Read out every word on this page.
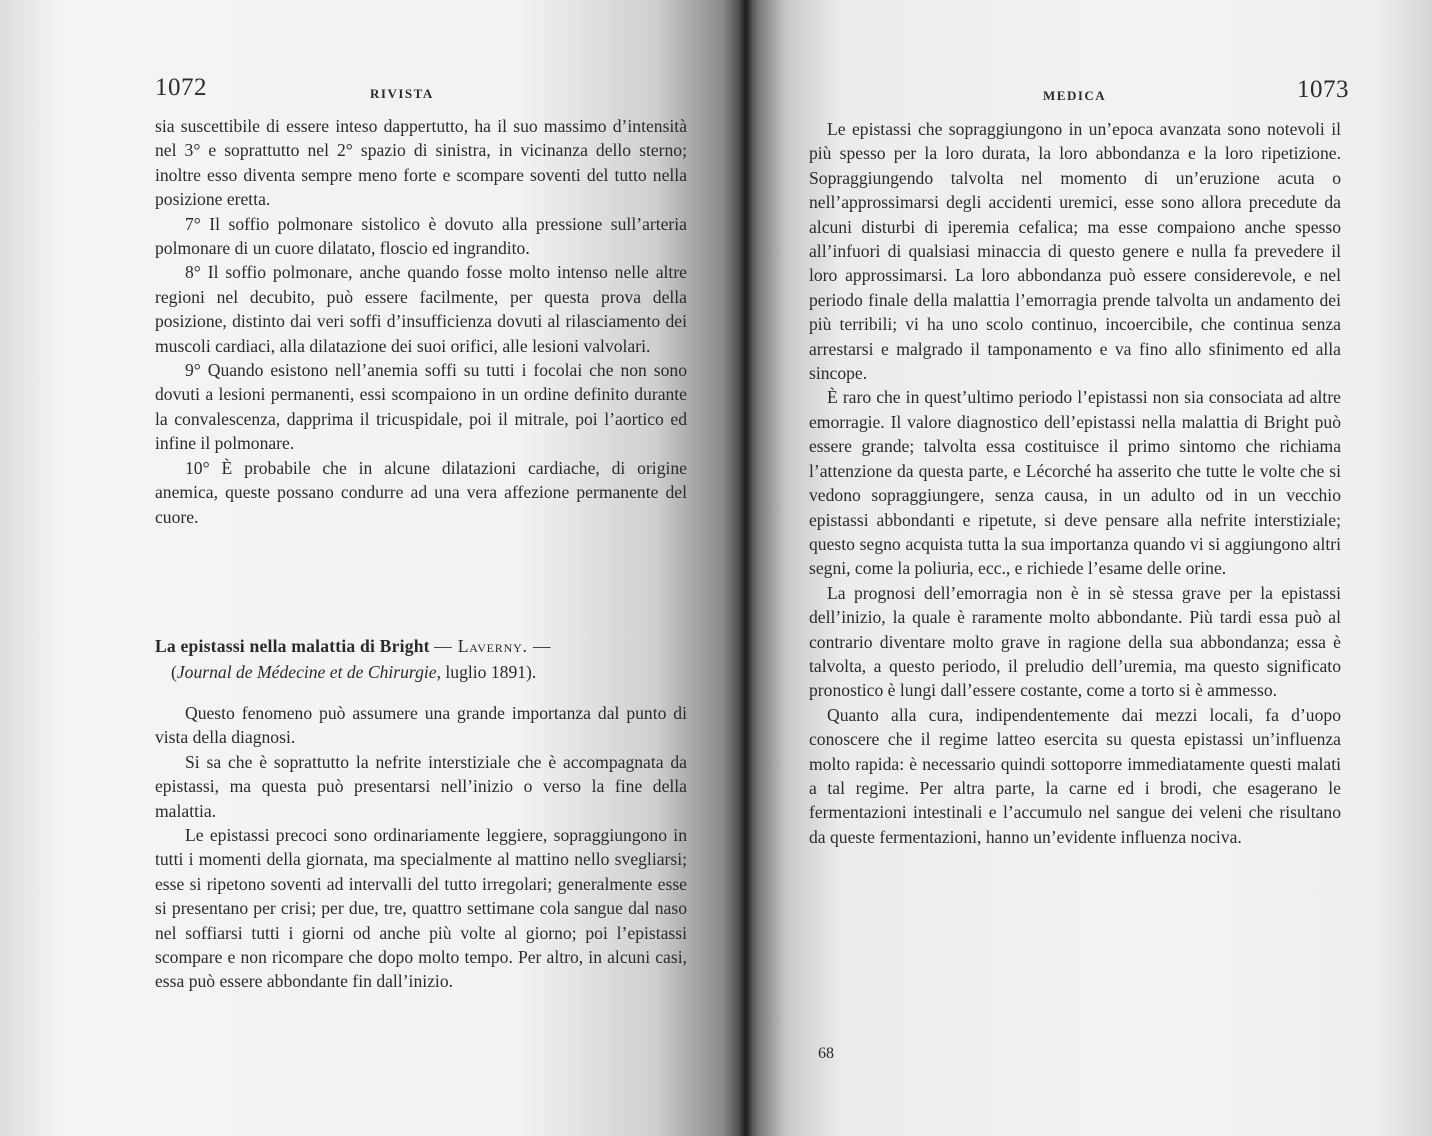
1072	RIVISTA

sia suscettibile di essere inteso dappertutto, ha il suo massimo d’intensità nel 3° e soprattutto nel 2° spazio di sinistra, in vicinanza dello sterno; inoltre esso diventa sempre meno forte e scompare soventi del tutto nella posizione eretta.

7° Il soffio polmonare sistolico è dovuto alla pressione sull’arteria polmonare di un cuore dilatato, floscio ed ingrandito.

8° Il soffio polmonare, anche quando fosse molto intenso nelle altre regioni nel decubito, può essere facilmente, per questa prova della posizione, distinto dai veri soffi d’insufficienza dovuti al rilasciamento dei muscoli cardiaci, alla dilatazione dei suoi orifici, alle lesioni valvolari.

9° Quando esistono nell’anemia soffi su tutti i focolai che non sono dovuti a lesioni permanenti, essi scompaiono in un ordine definito durante la convalescenza, dapprima il tricuspidale, poi il mitrale, poi l’aortico ed infine il polmonare.

10° È probabile che in alcune dilatazioni cardiache, di origine anemica, queste possano condurre ad una vera affezione permanente del cuore.

La epistassi nella malattia di Bright — Laverny. —
(Journal de Médecine et de Chirurgie, luglio 1891).

Questo fenomeno può assumere una grande importanza dal punto di vista della diagnosi.

Si sa che è soprattutto la nefrite interstiziale che è accompagnata da epistassi, ma questa può presentarsi nell’inizio o verso la fine della malattia.

Le epistassi precoci sono ordinariamente leggiere, sopraggiungono in tutti i momenti della giornata, ma specialmente al mattino nello svegliarsi; esse si ripetono soventi ad intervalli del tutto irregolari; generalmente esse si presentano per crisi; per due, tre, quattro settimane cola sangue dal naso nel soffiarsi tutti i giorni od anche più volte al giorno; poi l’epistassi scompare e non ricompare che dopo molto tempo. Per altro, in alcuni casi, essa può essere abbondante fin dall’inizio.

MEDICA	1073

Le epistassi che sopraggiungono in un’epoca avanzata sono notevoli il più spesso per la loro durata, la loro abbondanza e la loro ripetizione. Sopraggiungendo talvolta nel momento di un’eruzione acuta o nell’approssimarsi degli accidenti uremici, esse sono allora precedute da alcuni disturbi di iperemia cefalica; ma esse compaiono anche spesso all’infuori di qualsiasi minaccia di questo genere e nulla fa prevedere il loro approssimarsi. La loro abbondanza può essere considerevole, e nel periodo finale della malattia l’emorragia prende talvolta un andamento dei più terribili; vi ha uno scolo continuo, incoercibile, che continua senza arrestarsi e malgrado il tamponamento e va fino allo sfinimento ed alla sincope.

È raro che in quest’ultimo periodo l’epistassi non sia consociata ad altre emorragie. Il valore diagnostico dell’epistassi nella malattia di Bright può essere grande; talvolta essa costituisce il primo sintomo che richiama l’attenzione da questa parte, e Lécorché ha asserito che tutte le volte che si vedono sopraggiungere, senza causa, in un adulto od in un vecchio epistassi abbondanti e ripetute, si deve pensare alla nefrite interstiziale; questo segno acquista tutta la sua importanza quando vi si aggiungono altri segni, come la poliuria, ecc., e richiede l’esame delle orine.

La prognosi dell’emorragia non è in sè stessa grave per la epistassi dell’inizio, la quale è raramente molto abbondante. Più tardi essa può al contrario diventare molto grave in ragione della sua abbondanza; essa è talvolta, a questo periodo, il preludio dell’uremia, ma questo significato pronostico è lungi dall’essere costante, come a torto si è ammesso.

Quanto alla cura, indipendentemente dai mezzi locali, fa d’uopo conoscere che il regime latteo esercita su questa epistassi un’influenza molto rapida: è necessario quindi sottoporre immediatamente questi malati a tal regime. Per altra parte, la carne ed i brodi, che esagerano le fermentazioni intestinali e l’accumulo nel sangue dei veleni che risultano da queste fermentazioni, hanno un’evidente influenza nociva.

68
